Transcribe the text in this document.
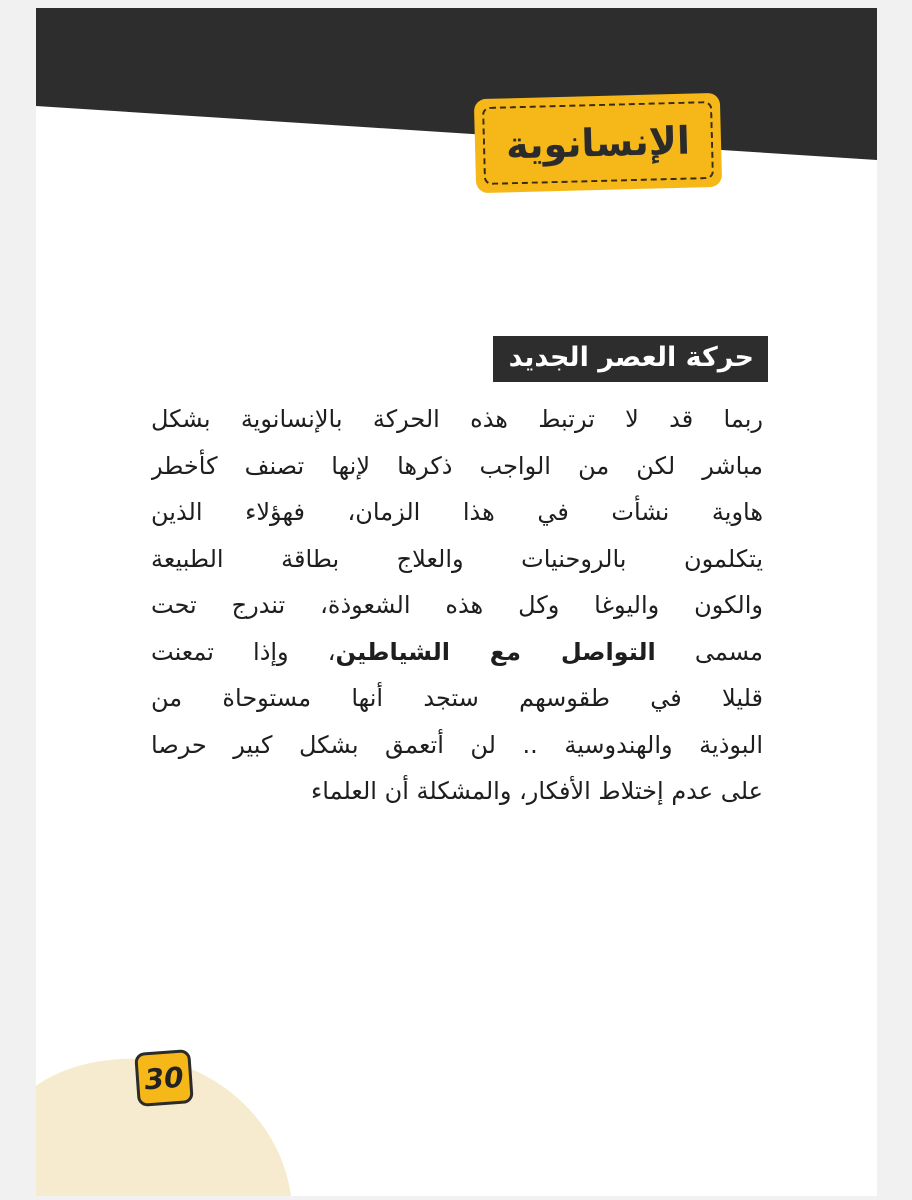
الإنسانوية
حركة العصر الجديد
ربما قد لا ترتبط هذه الحركة بالإنسانوية بشكل
مباشر لكن من الواجب ذكرها لإنها تصنف كأخطر
هاوية نشأت في هذا الزمان، فهؤلاء الذين
يتكلمون بالروحنيات والعلاج بطاقة الطبيعة
والكون واليوغا وكل هذه الشعوذة، تندرج تحت
مسمى التواصل مع الشياطين، وإذا تمعنت
قليلا في طقوسهم ستجد أنها مستوحاة من
البوذية والهندوسية .. لن أتعمق بشكل كبير حرصا
على عدم إختلاط الأفكار، والمشكلة أن العلماء
30
